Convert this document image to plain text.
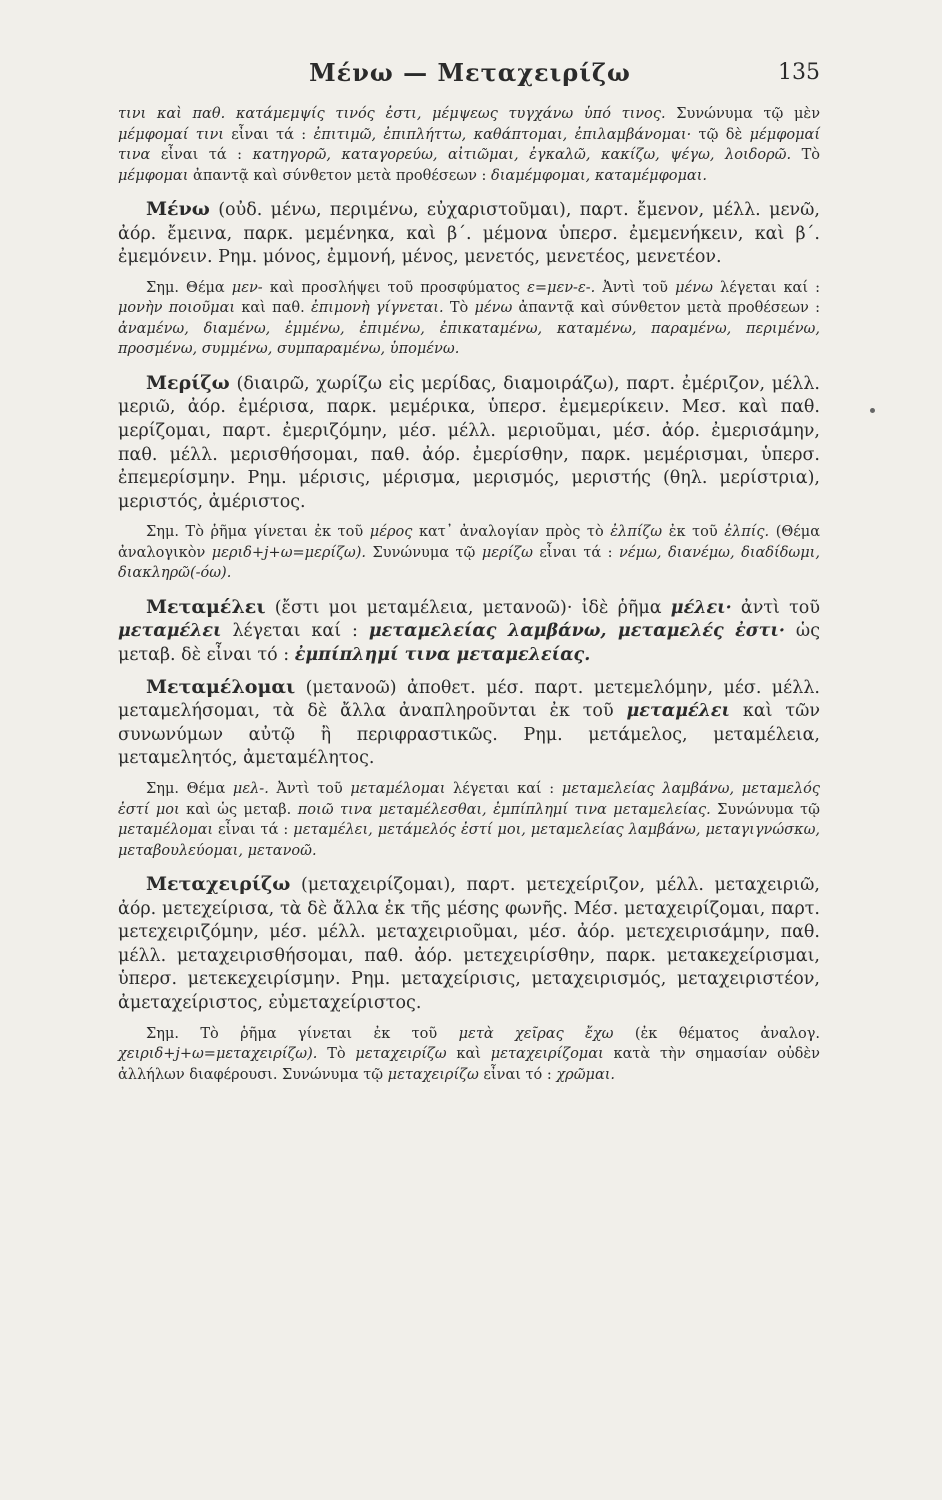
Μένω — Μεταχειρίζω	135

τινι καὶ παθ. κατάμεμψίς τινός ἐστι, μέμψεως τυγχάνω ὑπό τινος. Συνώνυμα τῷ μὲν μέμφομαί τινι εἶναι τά : ἐπιτιμῶ, ἐπιπλήττω, καθάπτομαι, ἐπιλαμβάνομαι· τῷ δὲ μέμφομαί τινα εἶναι τά : κατηγορῶ, καταγορεύω, αἰτιῶμαι, ἐγκαλῶ, κακίζω, ψέγω, λοιδορῶ. Τὸ μέμφομαι ἀπαντᾷ καὶ σύνθετον μετὰ προθέσεων : διαμέμφομαι, καταμέμφομαι.

Μένω (οὐδ. μένω, περιμένω, εὐχαριστοῦμαι), παρτ. ἔμενον, μέλλ. μενῶ, ἀόρ. ἔμεινα, παρκ. μεμένηκα, καὶ β΄. μέμονα ὑπερσ. ἐμεμενήκειν, καὶ β΄. ἐμεμόνειν. Ρημ. μόνος, ἐμμονή, μένος, μενετός, μενετέος, μενετέον.

Σημ. Θέμα μεν- καὶ προσλήψει τοῦ προσφύματος ε=μεν-ε-. Ἀντὶ τοῦ μένω λέγεται καί : μονὴν ποιοῦμαι καὶ παθ. ἐπιμονὴ γίγνεται. Τὸ μένω ἀπαντᾷ καὶ σύνθετον μετὰ προθέσεων : ἀναμένω, διαμένω, ἐμμένω, ἐπιμένω, ἐπικαταμένω, καταμένω, παραμένω, περιμένω, προσμένω, συμμένω, συμπαραμένω, ὑπομένω.

Μερίζω (διαιρῶ, χωρίζω εἰς μερίδας, διαμοιράζω), παρτ. ἐμέριζον, μέλλ. μεριῶ, ἀόρ. ἐμέρισα, παρκ. μεμέρικα, ὑπερσ. ἐμεμερίκειν. Μεσ. καὶ παθ. μερίζομαι, παρτ. ἐμεριζόμην, μέσ. μέλλ. μεριοῦμαι, μέσ. ἀόρ. ἐμερισάμην, παθ. μέλλ. μερισθήσομαι, παθ. ἀόρ. ἐμερίσθην, παρκ. μεμέρισμαι, ὑπερσ. ἐπεμερίσμην. Ρημ. μέρισις, μέρισμα, μερισμός, μεριστής (θηλ. μερίστρια), μεριστός, ἀμέριστος.

Σημ. Τὸ ῥῆμα γίνεται ἐκ τοῦ μέρος κατ᾽ ἀναλογίαν πρὸς τὸ ἐλπίζω ἐκ τοῦ ἐλπίς. (Θέμα ἀναλογικὸν μεριδ+j+ω=μερίζω). Συνώνυμα τῷ μερίζω εἶναι τά : νέμω, διανέμω, διαδίδωμι, διακληρῶ(-όω).

Μεταμέλει (ἔστι μοι μεταμέλεια, μετανοῶ)· ἰδὲ ῥῆμα μέλει· ἀντὶ τοῦ μεταμέλει λέγεται καί : μεταμελείας λαμβάνω, μεταμελές ἐστι· ὡς μεταβ. δὲ εἶναι τό : ἐμπίπλημί τινα μεταμελείας.

Μεταμέλομαι (μετανοῶ) ἀποθετ. μέσ. παρτ. μετεμελόμην, μέσ. μέλλ. μεταμελήσομαι, τὰ δὲ ἄλλα ἀναπληροῦνται ἐκ τοῦ μεταμέλει καὶ τῶν συνωνύμων αὐτῷ ἢ περιφραστικῶς. Ρημ. μετάμελος, μεταμέλεια, μεταμελητός, ἀμεταμέλητος.

Σημ. Θέμα μελ-. Ἀντὶ τοῦ μεταμέλομαι λέγεται καί : μεταμελείας λαμβάνω, μεταμελός ἐστί μοι καὶ ὡς μεταβ. ποιῶ τινα μεταμέλεσθαι, ἐμπίπλημί τινα μεταμελείας. Συνώνυμα τῷ μεταμέλομαι εἶναι τά : μεταμέλει, μετάμελός ἐστί μοι, μεταμελείας λαμβάνω, μεταγιγνώσκω, μεταβουλεύομαι, μετανοῶ.

Μεταχειρίζω (μεταχειρίζομαι), παρτ. μετεχείριζον, μέλλ. μεταχειριῶ, ἀόρ. μετεχείρισα, τὰ δὲ ἄλλα ἐκ τῆς μέσης φωνῆς. Μέσ. μεταχειρίζομαι, παρτ. μετεχειριζόμην, μέσ. μέλλ. μεταχειριοῦμαι, μέσ. ἀόρ. μετεχειρισάμην, παθ. μέλλ. μεταχειρισθήσομαι, παθ. ἀόρ. μετεχειρίσθην, παρκ. μετακεχείρισμαι, ὑπερσ. μετεκεχειρίσμην. Ρημ. μεταχείρισις, μεταχειρισμός, μεταχειριστέον, ἀμεταχείριστος, εὐμεταχείριστος.

Σημ. Τὸ ῥῆμα γίνεται ἐκ τοῦ μετὰ χεῖρας ἔχω (ἐκ θέματος ἀναλογ. χειριδ+j+ω=μεταχειρίζω). Τὸ μεταχειρίζω καὶ μεταχειρίζομαι κατὰ τὴν σημασίαν οὐδὲν ἀλλήλων διαφέρουσι. Συνώνυμα τῷ μεταχειρίζω εἶναι τό : χρῶμαι.
